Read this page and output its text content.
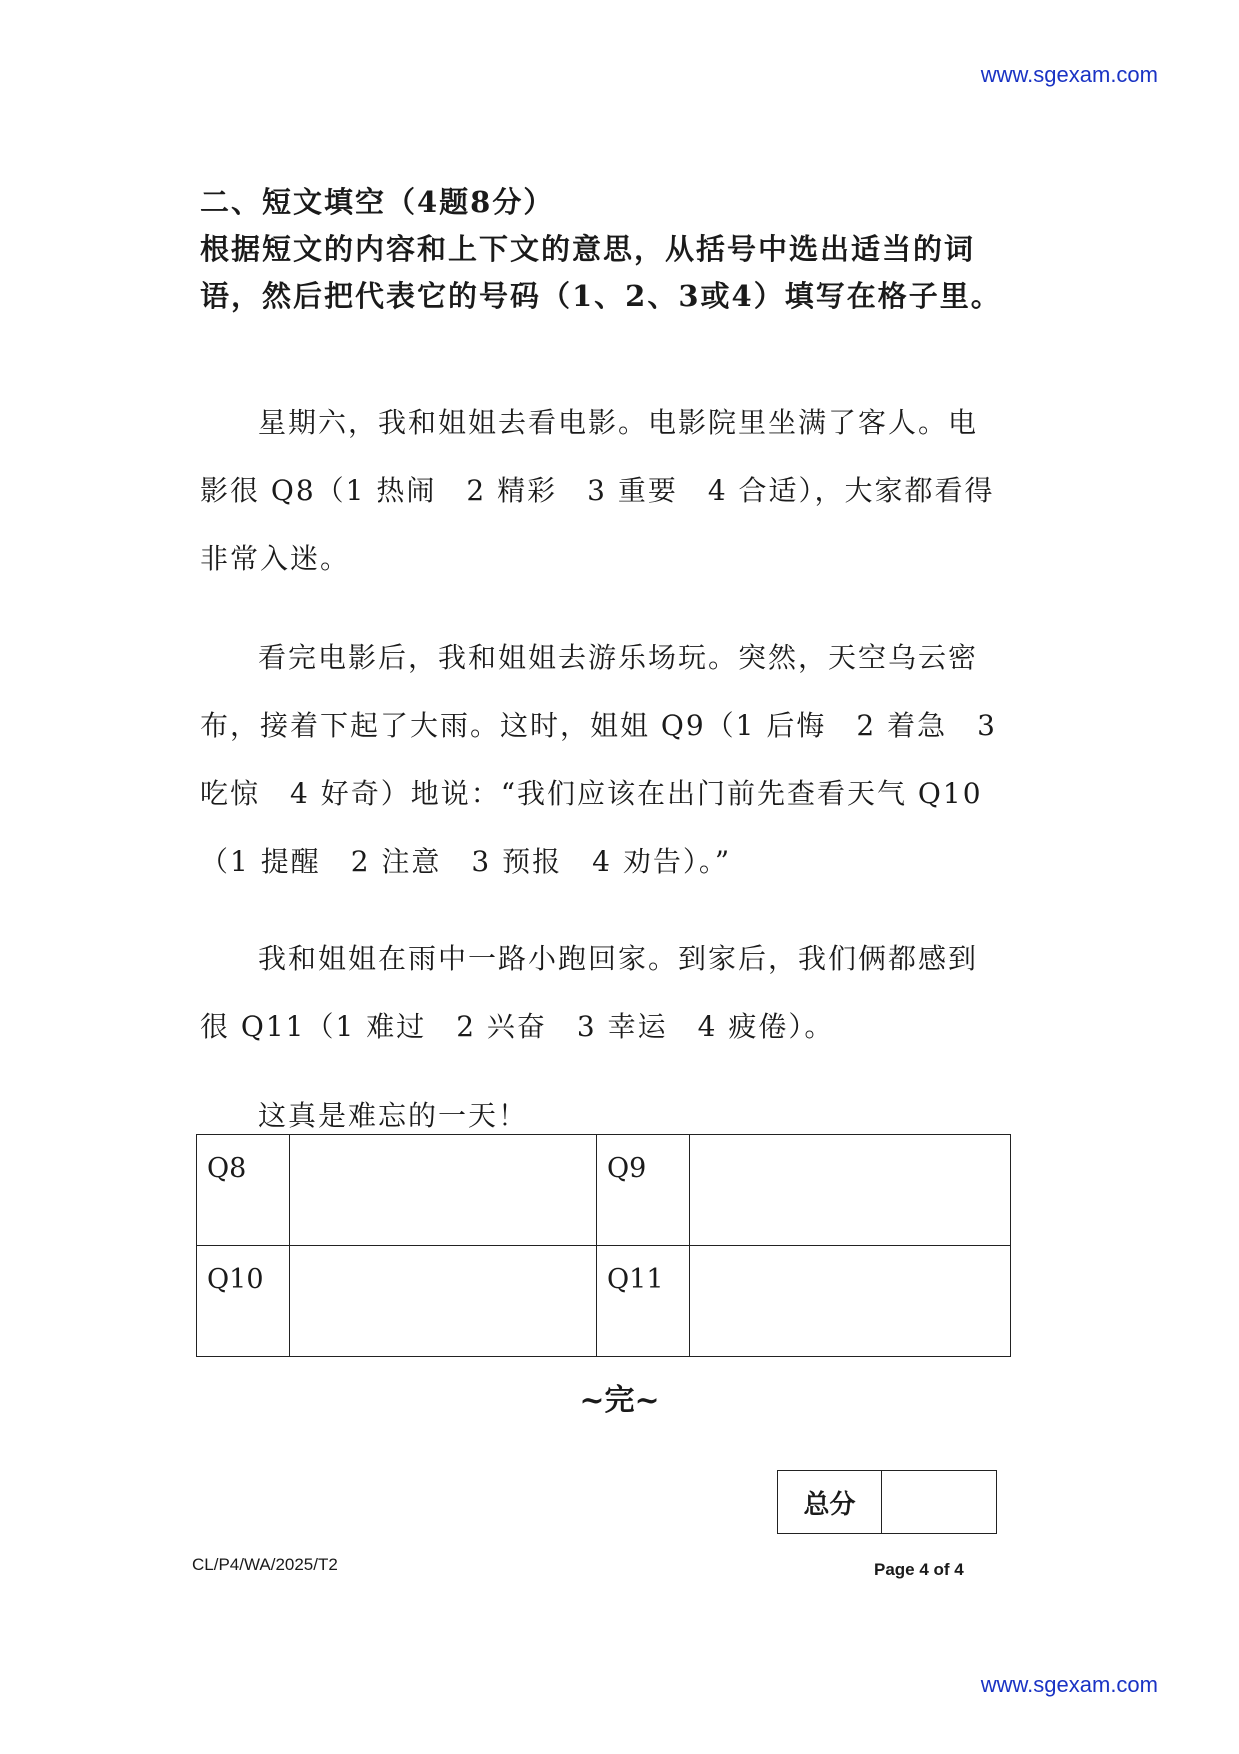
www.sgexam.com
二、短文填空（4题8分）
根据短文的内容和上下文的意思，从括号中选出适当的词语，然后把代表它的号码（1、2、3或4）填写在格子里。

星期六，我和姐姐去看电影。电影院里坐满了客人。电影很 Q8（1 热闹　2 精彩　3 重要　4 合适），大家都看得非常入迷。

看完电影后，我和姐姐去游乐场玩。突然，天空乌云密布，接着下起了大雨。这时，姐姐 Q9（1 后悔　2 着急　3 吃惊　4 好奇）地说：“我们应该在出门前先查看天气 Q10（1 提醒　2 注意　3 预报　4 劝告）。”

我和姐姐在雨中一路小跑回家。到家后，我们俩都感到很 Q11（1 难过　2 兴奋　3 幸运　4 疲倦）。

这真是难忘的一天！

Q8		Q9	
Q10		Q11	
~完~
总分
CL/P4/WA/2025/T2	Page 4 of 4
www.sgexam.com
